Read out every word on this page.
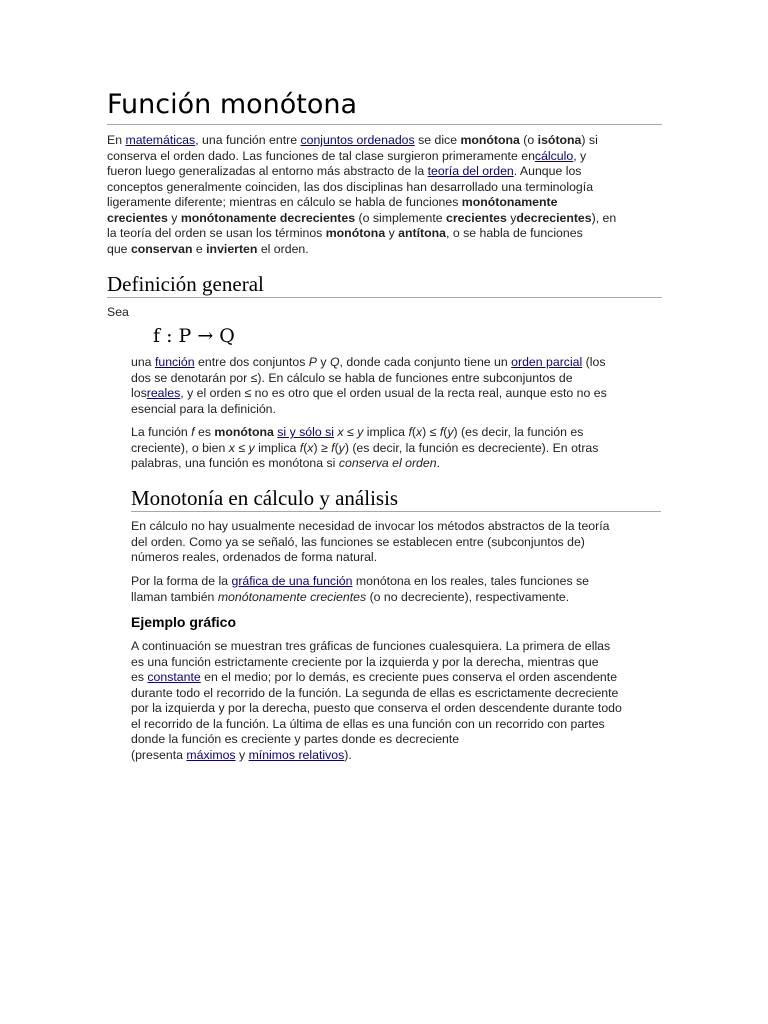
Función monótona
En matemáticas, una función entre conjuntos ordenados se dice monótona (o isótona) si
conserva el orden dado. Las funciones de tal clase surgieron primeramente encálculo, y
fueron luego generalizadas al entorno más abstracto de la teoría del orden. Aunque los
conceptos generalmente coinciden, las dos disciplinas han desarrollado una terminología
ligeramente diferente; mientras en cálculo se habla de funciones monótonamente
crecientes y monótonamente decrecientes (o simplemente crecientes ydecrecientes), en
la teoría del orden se usan los términos monótona y antítona, o se habla de funciones
que conservan e invierten el orden.
Definición general
Sea
f : P → Q
una función entre dos conjuntos P y Q, donde cada conjunto tiene un orden parcial (los
dos se denotarán por ≤). En cálculo se habla de funciones entre subconjuntos de
losreales, y el orden ≤ no es otro que el orden usual de la recta real, aunque esto no es
esencial para la definición.
La función f es monótona si y sólo si x ≤ y implica f(x) ≤ f(y) (es decir, la función es
creciente), o bien x ≤ y implica f(x) ≥ f(y) (es decir, la función es decreciente). En otras
palabras, una función es monótona si conserva el orden.
Monotonía en cálculo y análisis
En cálculo no hay usualmente necesidad de invocar los métodos abstractos de la teoría
del orden. Como ya se señaló, las funciones se establecen entre (subconjuntos de)
números reales, ordenados de forma natural.
Por la forma de la gráfica de una función monótona en los reales, tales funciones se
llaman también monótonamente crecientes (o no decreciente), respectivamente.
Ejemplo gráfico
A continuación se muestran tres gráficas de funciones cualesquiera. La primera de ellas
es una función estrictamente creciente por la izquierda y por la derecha, mientras que
es constante en el medio; por lo demás, es creciente pues conserva el orden ascendente
durante todo el recorrido de la función. La segunda de ellas es escrictamente decreciente
por la izquierda y por la derecha, puesto que conserva el orden descendente durante todo
el recorrido de la función. La última de ellas es una función con un recorrido con partes
donde la función es creciente y partes donde es decreciente
(presenta máximos y mínimos relativos).
